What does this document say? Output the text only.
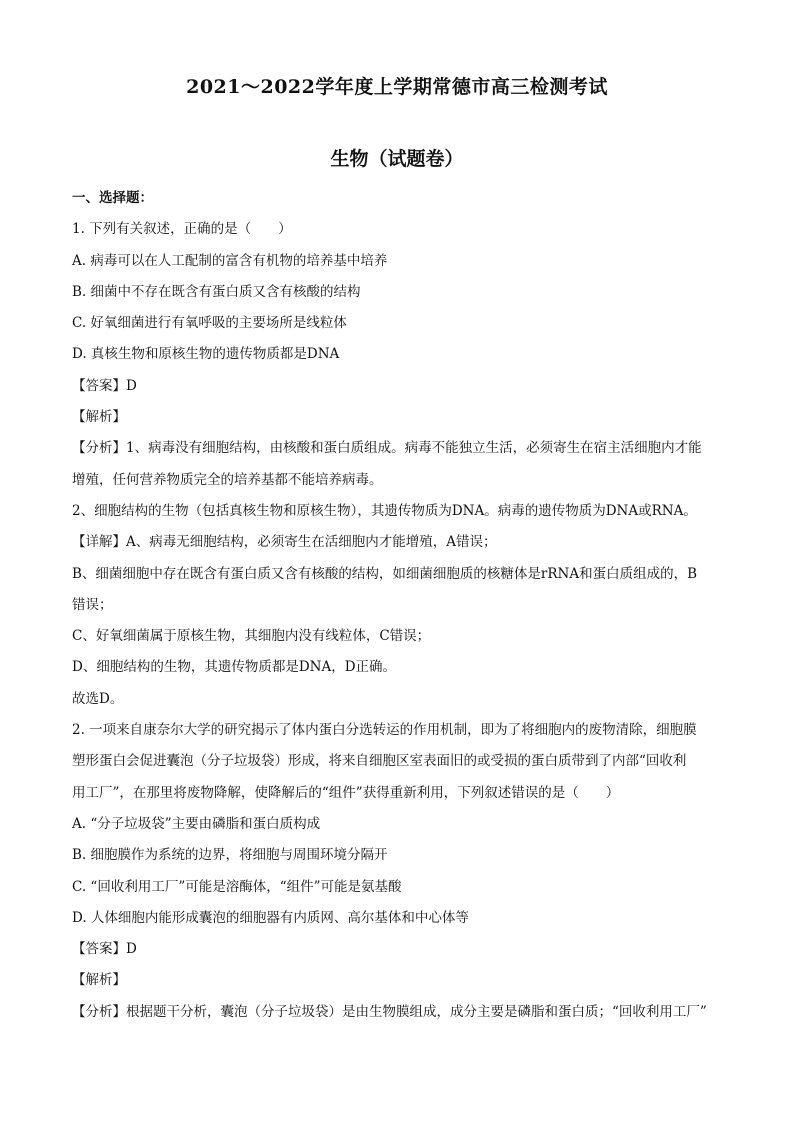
2021～2022学年度上学期常德市高三检测考试
生物（试题卷）
一、选择题：
1. 下列有关叙述，正确的是（　　）
A. 病毒可以在人工配制的富含有机物的培养基中培养
B. 细菌中不存在既含有蛋白质又含有核酸的结构
C. 好氧细菌进行有氧呼吸的主要场所是线粒体
D. 真核生物和原核生物的遗传物质都是DNA
【答案】D
【解析】
【分析】1、病毒没有细胞结构，由核酸和蛋白质组成。病毒不能独立生活，必须寄生在宿主活细胞内才能
增殖，任何营养物质完全的培养基都不能培养病毒。
2、细胞结构的生物（包括真核生物和原核生物），其遗传物质为DNA。病毒的遗传物质为DNA或RNA。
【详解】A、病毒无细胞结构，必须寄生在活细胞内才能增殖，A错误；
B、细菌细胞中存在既含有蛋白质又含有核酸的结构，如细菌细胞质的核糖体是rRNA和蛋白质组成的，B
错误；
C、好氧细菌属于原核生物，其细胞内没有线粒体，C错误；
D、细胞结构的生物，其遗传物质都是DNA，D正确。
故选D。
2. 一项来自康奈尔大学的研究揭示了体内蛋白分选转运的作用机制，即为了将细胞内的废物清除，细胞膜
塑形蛋白会促进囊泡（分子垃圾袋）形成，将来自细胞区室表面旧的或受损的蛋白质带到了内部“回收利
用工厂”，在那里将废物降解，使降解后的“组件”获得重新利用，下列叙述错误的是（　　）
A. “分子垃圾袋”主要由磷脂和蛋白质构成
B. 细胞膜作为系统的边界，将细胞与周围环境分隔开
C. “回收利用工厂”可能是溶酶体，“组件”可能是氨基酸
D. 人体细胞内能形成囊泡的细胞器有内质网、高尔基体和中心体等
【答案】D
【解析】
【分析】根据题干分析，囊泡（分子垃圾袋）是由生物膜组成，成分主要是磷脂和蛋白质；“回收利用工厂”
